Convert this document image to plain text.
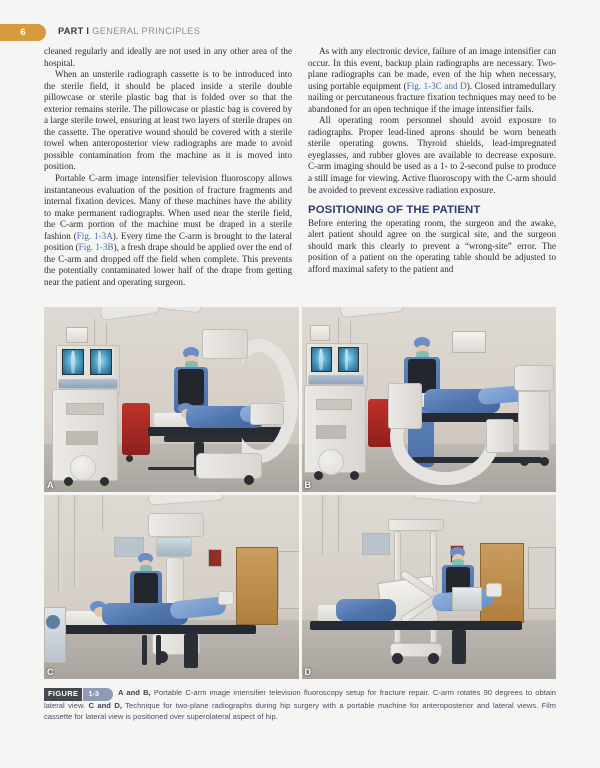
6	PART I GENERAL PRINCIPLES

cleaned regularly and ideally are not used in any other area of the hospital.

When an unsterile radiograph cassette is to be introduced into the sterile field, it should be placed inside a sterile double pillowcase or sterile plastic bag that is folded over so that the exterior remains sterile. The pillowcase or plastic bag is covered by a large sterile towel, ensuring at least two layers of sterile drapes on the cassette. The operative wound should be covered with a sterile towel when anteroposterior view radiographs are made to avoid possible contamination from the machine as it is moved into position.

Portable C-arm image intensifier television fluoroscopy allows instantaneous evaluation of the position of fracture fragments and internal fixation devices. Many of these machines have the ability to make permanent radiographs. When used near the sterile field, the C-arm portion of the machine must be draped in a sterile fashion (Fig. 1-3A). Every time the C-arm is brought to the lateral position (Fig. 1-3B), a fresh drape should be applied over the end of the C-arm and dropped off the field when complete. This prevents the potentially contaminated lower half of the drape from getting near the patient and operating surgeon.

As with any electronic device, failure of an image intensifier can occur. In this event, backup plain radiographs are necessary. Two-plane radiographs can be made, even of the hip when necessary, using portable equipment (Fig. 1-3C and D). Closed intramedullary nailing or percutaneous fracture fixation techniques may need to be abandoned for an open technique if the image intensifier fails.

All operating room personnel should avoid exposure to radiographs. Proper lead-lined aprons should be worn beneath sterile operating gowns. Thyroid shields, lead-impregnated eyeglasses, and rubber gloves are available to decrease exposure. C-arm imaging should be used as a 1- to 2-second pulse to produce a still image for viewing. Active fluoroscopy with the C-arm should be avoided to prevent excessive radiation exposure.

POSITIONING OF THE PATIENT

Before entering the operating room, the surgeon and the awake, alert patient should agree on the surgical site, and the surgeon should mark this clearly to prevent a “wrong-site” error. The position of a patient on the operating table should be adjusted to afford maximal safety to the patient and

A	B
C	D
FIGURE 1-3	A and B, Portable C-arm image intensifier television fluoroscopy setup for fracture repair. C-arm rotates 90 degrees to obtain lateral view. C and D, Technique for two-plane radiographs during hip surgery with a portable machine for anteroposterior and lateral views. Film cassette for lateral view is positioned over superolateral aspect of hip.
